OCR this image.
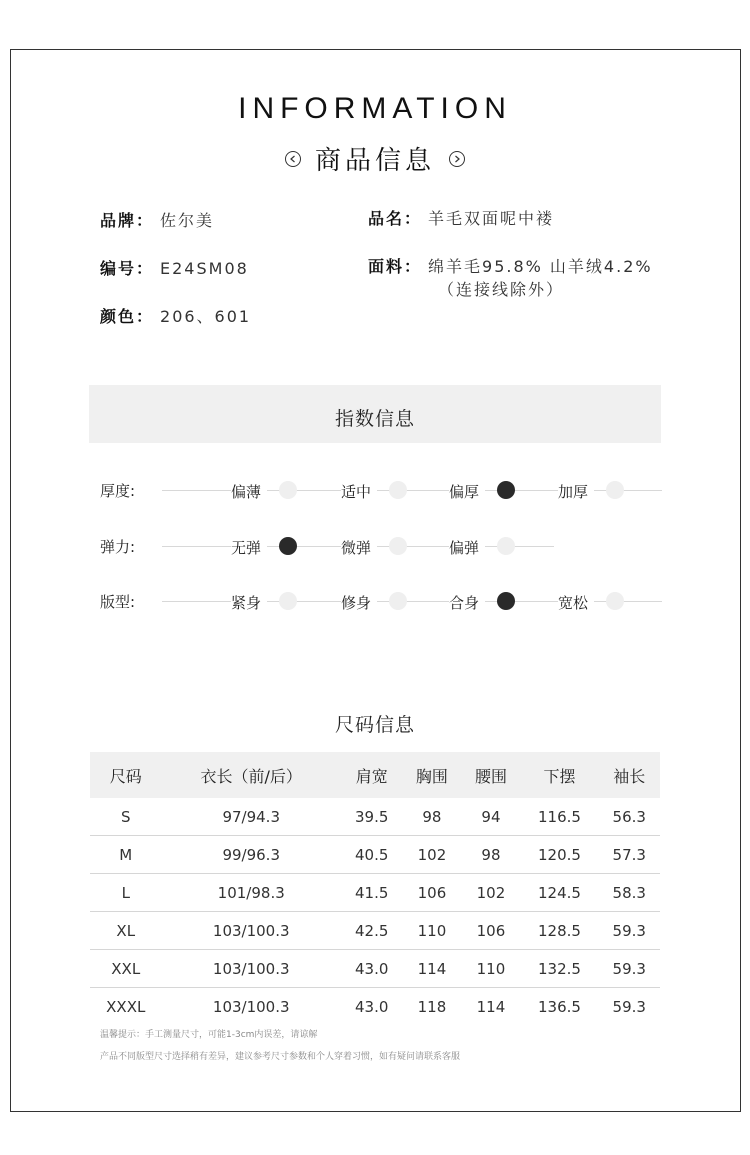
INFORMATION
商品信息
品牌： 佐尔美	品名： 羊毛双面呢中褛
编号： E24SM08	面料： 绵羊毛95.8% 山羊绒4.2%
（连接线除外）
颜色： 206、601
指数信息
厚度:	偏薄	适中	偏厚	加厚
弹力:	无弹	微弹	偏弹
版型:	紧身	修身	合身	宽松
尺码信息
尺码	衣长（前/后）	肩宽	胸围	腰围	下摆	袖长
S	97/94.3	39.5	98	94	116.5	56.3
M	99/96.3	40.5	102	98	120.5	57.3
L	101/98.3	41.5	106	102	124.5	58.3
XL	103/100.3	42.5	110	106	128.5	59.3
XXL	103/100.3	43.0	114	110	132.5	59.3
XXXL	103/100.3	43.0	118	114	136.5	59.3
温馨提示：手工测量尺寸，可能1-3cm内误差，请谅解
产品不同版型尺寸选择稍有差异，建议参考尺寸参数和个人穿着习惯，如有疑问请联系客服
